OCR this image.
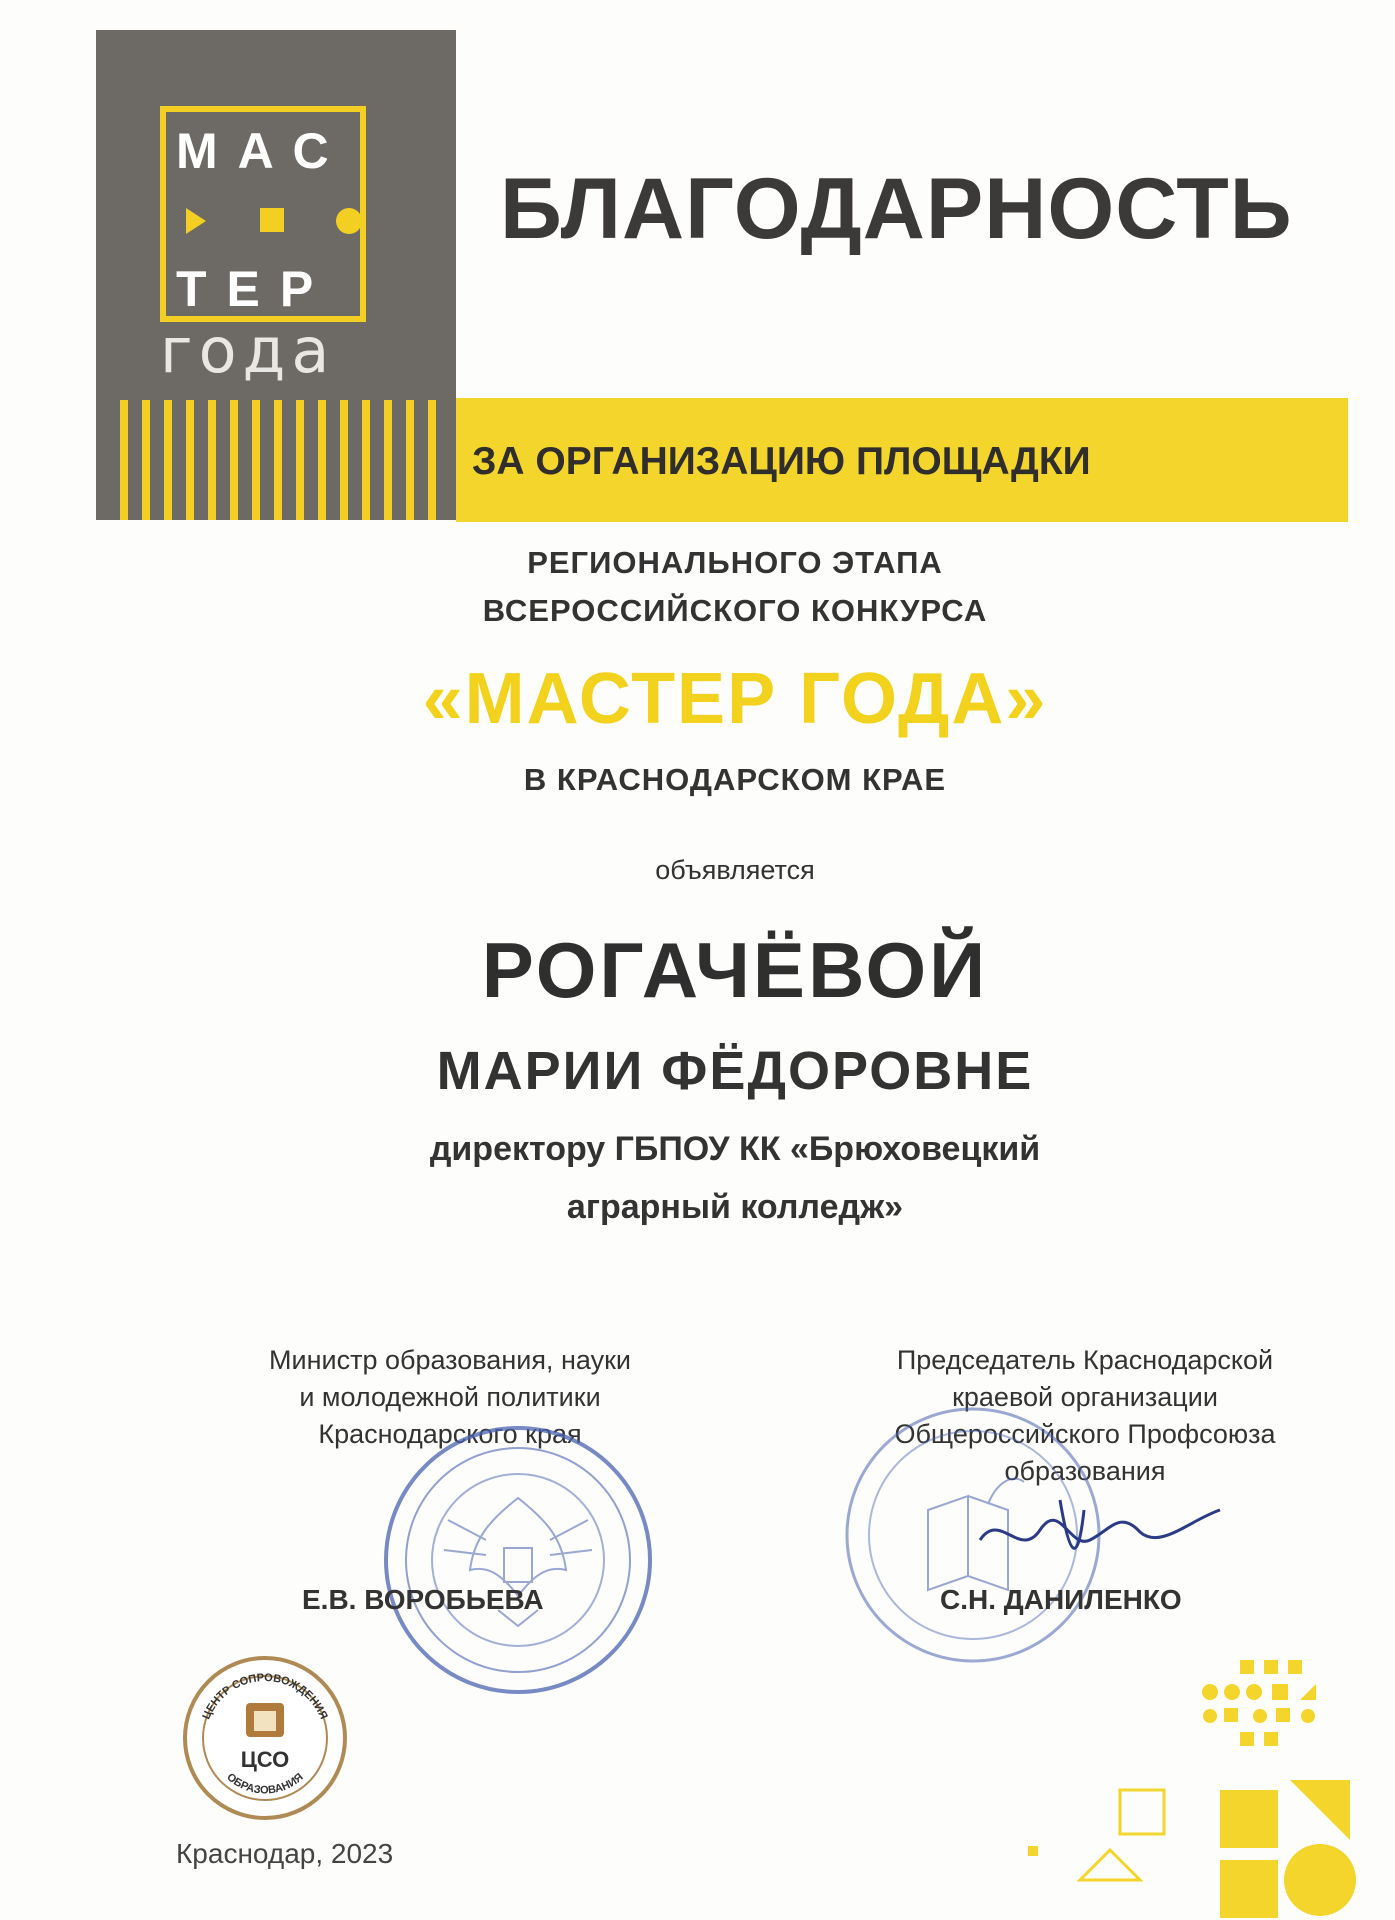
МАС
ТЕР
года
БЛАГОДАРНОСТЬ
ЗА ОРГАНИЗАЦИЮ ПЛОЩАДКИ
РЕГИОНАЛЬНОГО ЭТАПА
ВСЕРОССИЙСКОГО КОНКУРСА
«МАСТЕР ГОДА»
В КРАСНОДАРСКОМ КРАЕ
объявляется
РОГАЧЁВОЙ
МАРИИ ФЁДОРОВНЕ
директору ГБПОУ КК «Брюховецкий
аграрный колледж»
Министр образования, науки
и молодежной политики
Краснодарского края
Е.В. ВОРОБЬЕВА
Председатель Краснодарской
краевой организации
Общероссийского Профсоюза
образования
С.Н. ДАНИЛЕНКО
ЦЕНТР СОПРОВОЖДЕНИЯ
ОБРАЗОВАНИЯ
ЦСО
Краснодар, 2023
